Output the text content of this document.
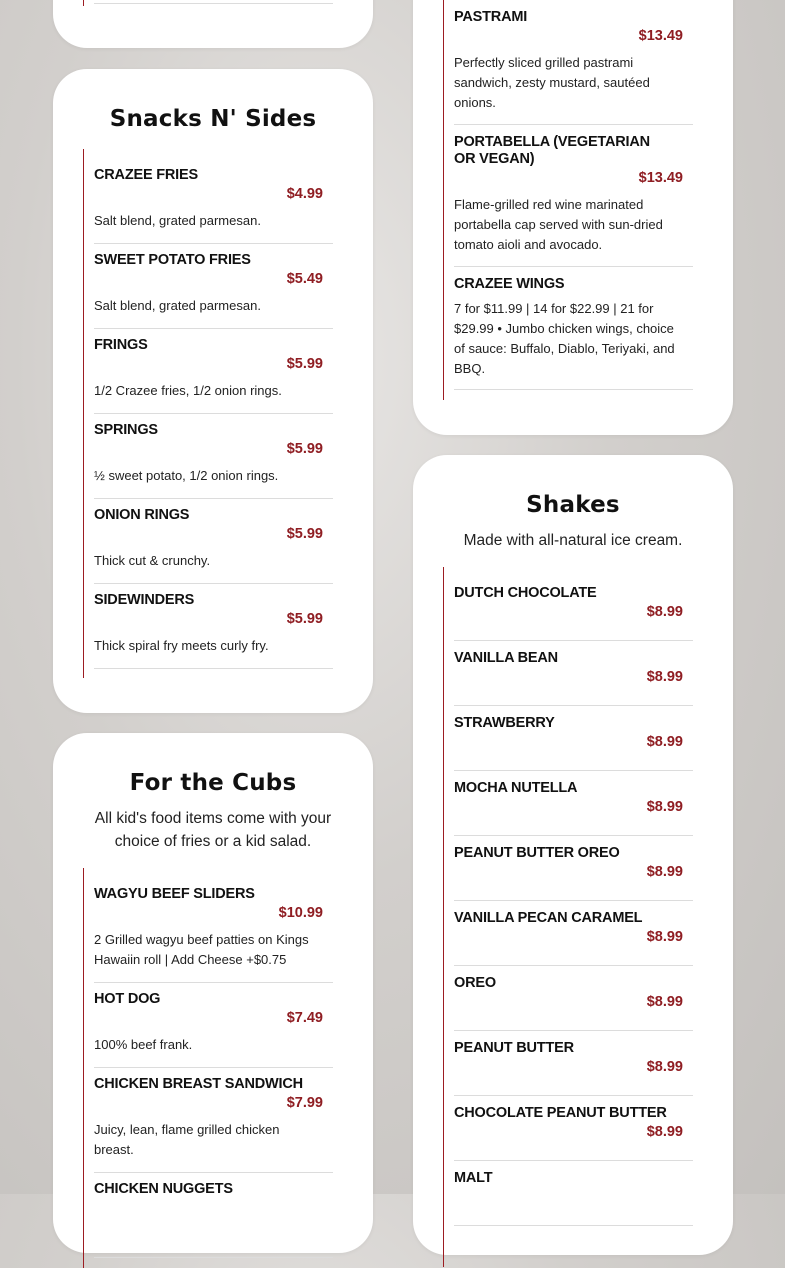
Snacks N' Sides
CRAZEE FRIES
$4.99
Salt blend, grated parmesan.
SWEET POTATO FRIES
$5.49
Salt blend, grated parmesan.
FRINGS
$5.99
1/2 Crazee fries, 1/2 onion rings.
SPRINGS
$5.99
½ sweet potato, 1/2 onion rings.
ONION RINGS
$5.99
Thick cut & crunchy.
SIDEWINDERS
$5.99
Thick spiral fry meets curly fry.
For the Cubs
All kid's food items come with your choice of fries or a kid salad.
WAGYU BEEF SLIDERS
$10.99
2 Grilled wagyu beef patties on Kings Hawaiin roll | Add Cheese +$0.75
HOT DOG
$7.49
100% beef frank.
CHICKEN BREAST SANDWICH
$7.99
Juicy, lean, flame grilled chicken breast.
CHICKEN NUGGETS
PASTRAMI
$13.49
Perfectly sliced grilled pastrami sandwich, zesty mustard, sautéed onions.
PORTABELLA (VEGETARIAN OR VEGAN)
$13.49
Flame-grilled red wine marinated portabella cap served with sun-dried tomato aioli and avocado.
CRAZEE WINGS
7 for $11.99 | 14 for $22.99 | 21 for $29.99 • Jumbo chicken wings, choice of sauce: Buffalo, Diablo, Teriyaki, and BBQ.
Shakes
Made with all-natural ice cream.
DUTCH CHOCOLATE
$8.99
VANILLA BEAN
$8.99
STRAWBERRY
$8.99
MOCHA NUTELLA
$8.99
PEANUT BUTTER OREO
$8.99
VANILLA PECAN CARAMEL
$8.99
OREO
$8.99
PEANUT BUTTER
$8.99
CHOCOLATE PEANUT BUTTER
$8.99
MALT
